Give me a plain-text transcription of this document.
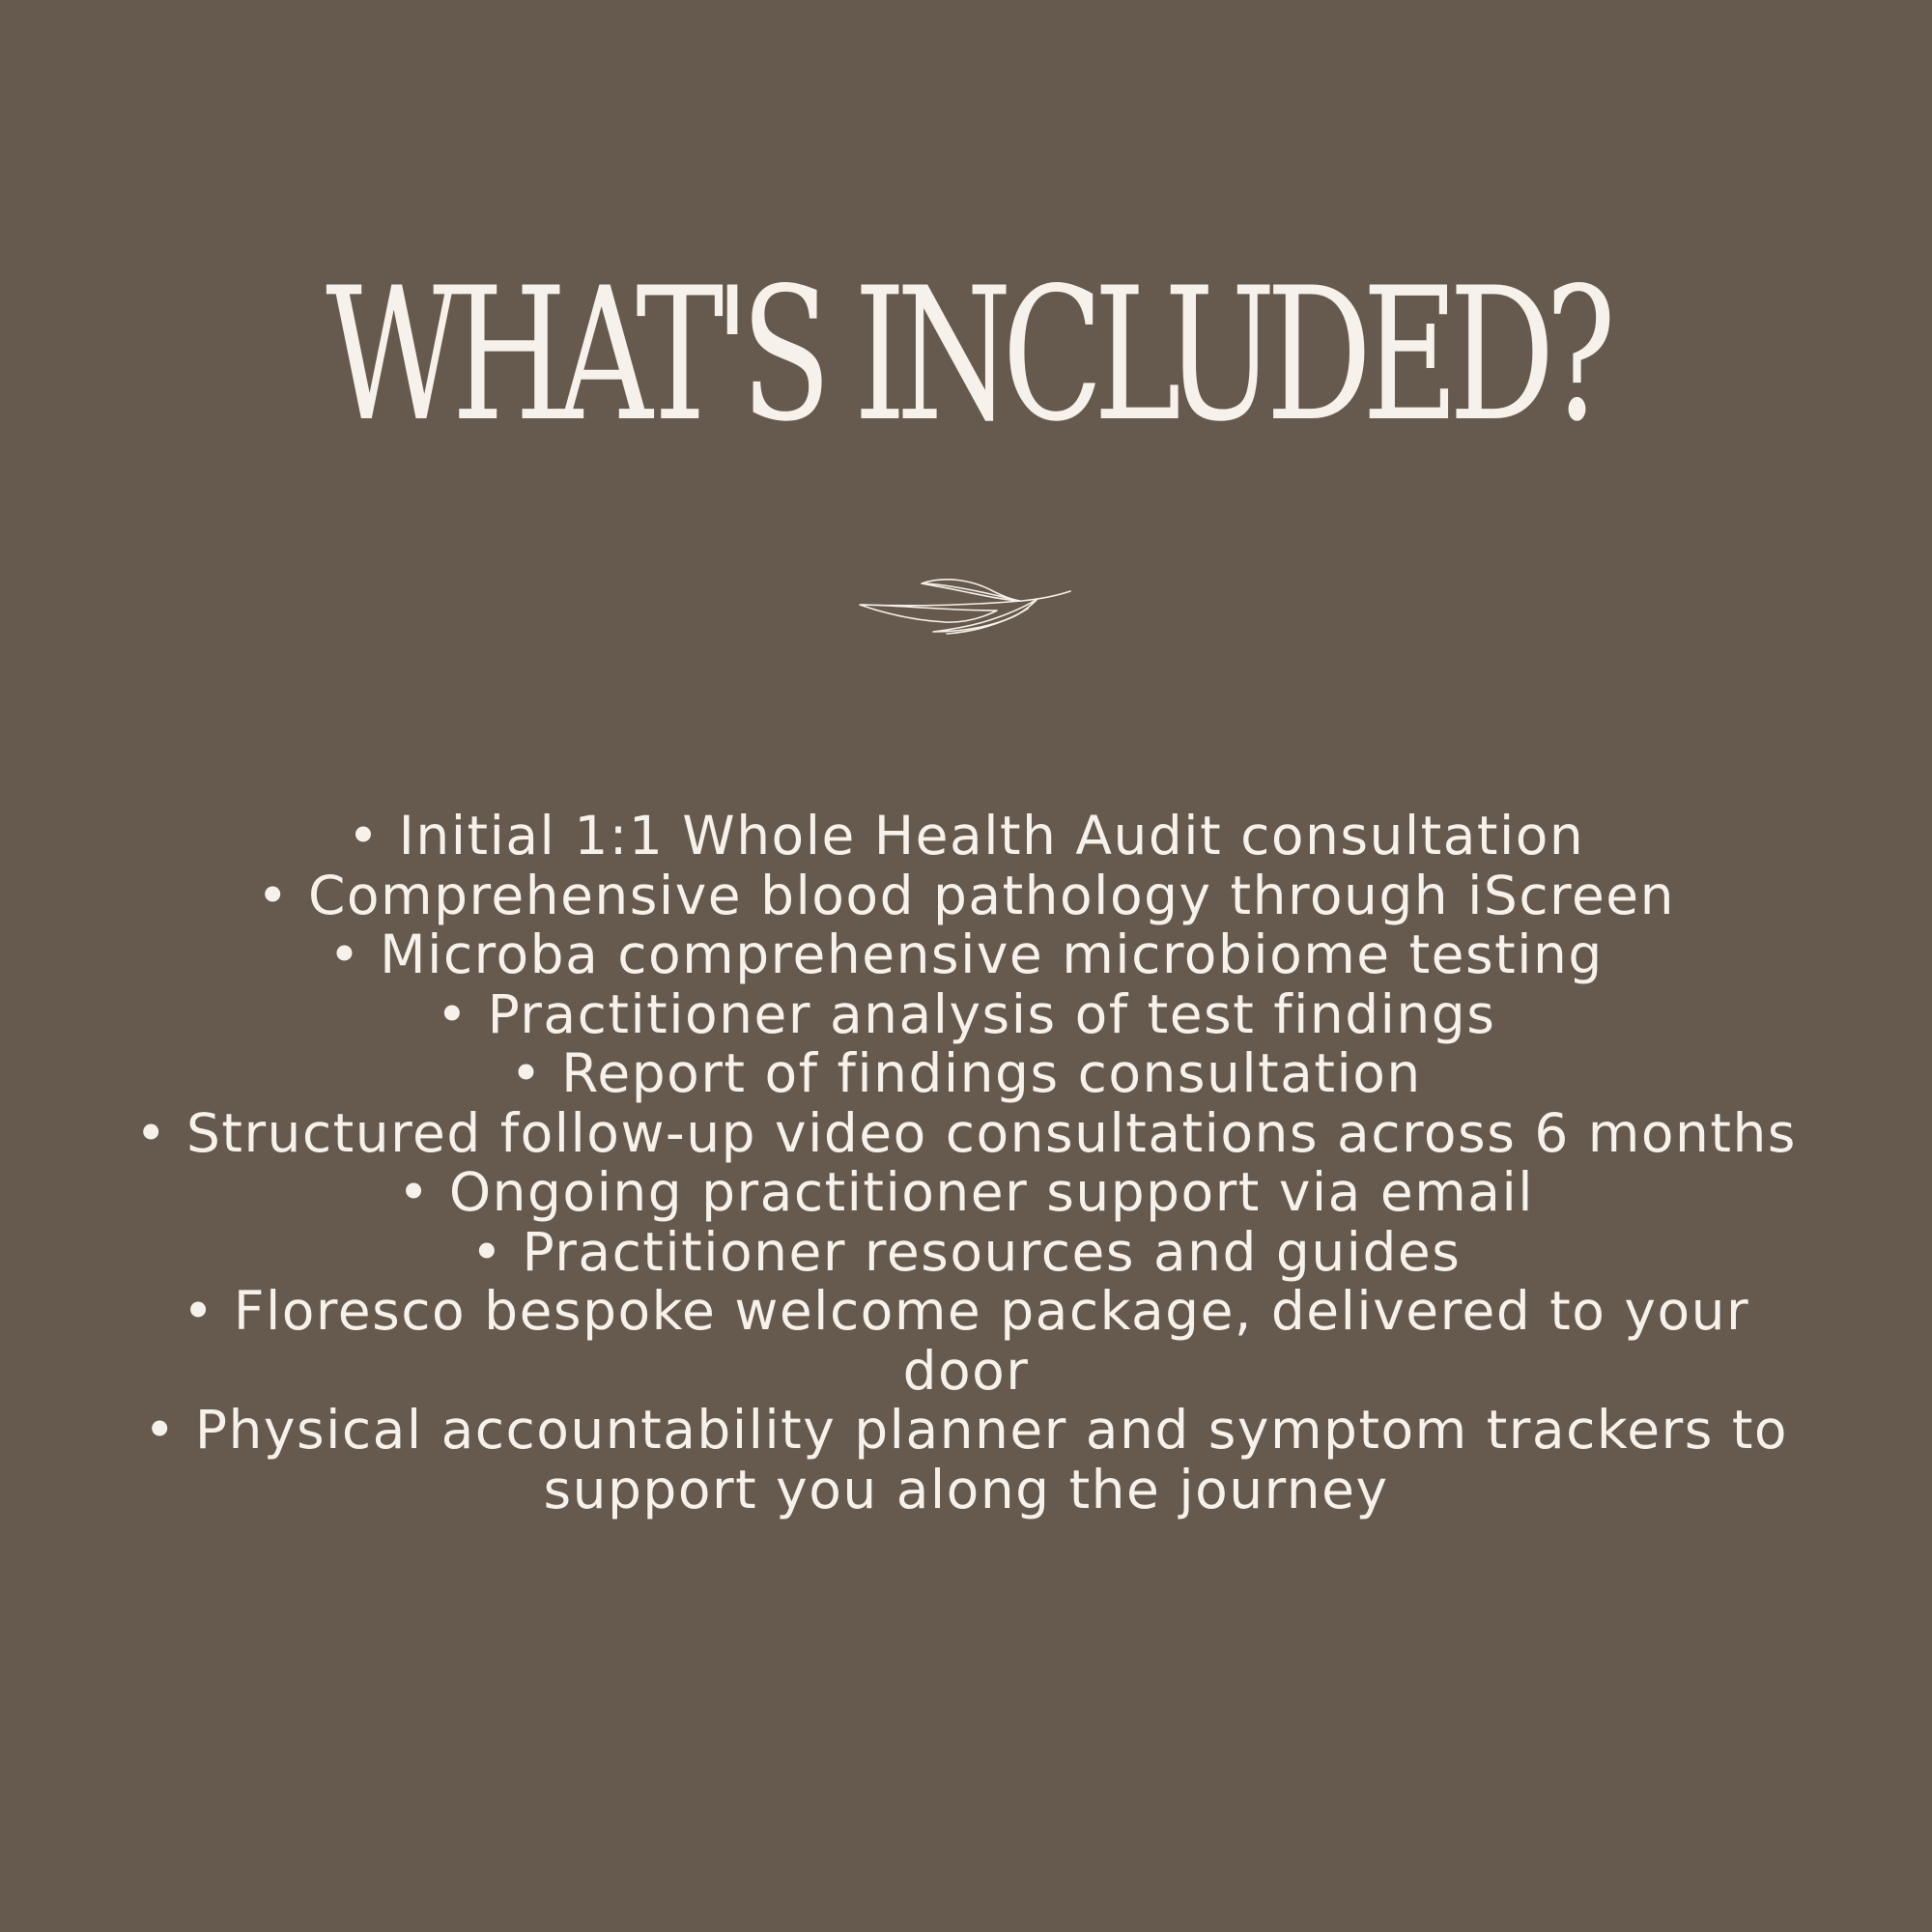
WHAT'S INCLUDED?
• Initial 1:1 Whole Health Audit consultation
• Comprehensive blood pathology through iScreen
• Microba comprehensive microbiome testing
• Practitioner analysis of test findings
• Report of findings consultation
• Structured follow-up video consultations across 6 months
• Ongoing practitioner support via email
• Practitioner resources and guides
• Floresco bespoke welcome package, delivered to your door
• Physical accountability planner and symptom trackers to support you along the journey
